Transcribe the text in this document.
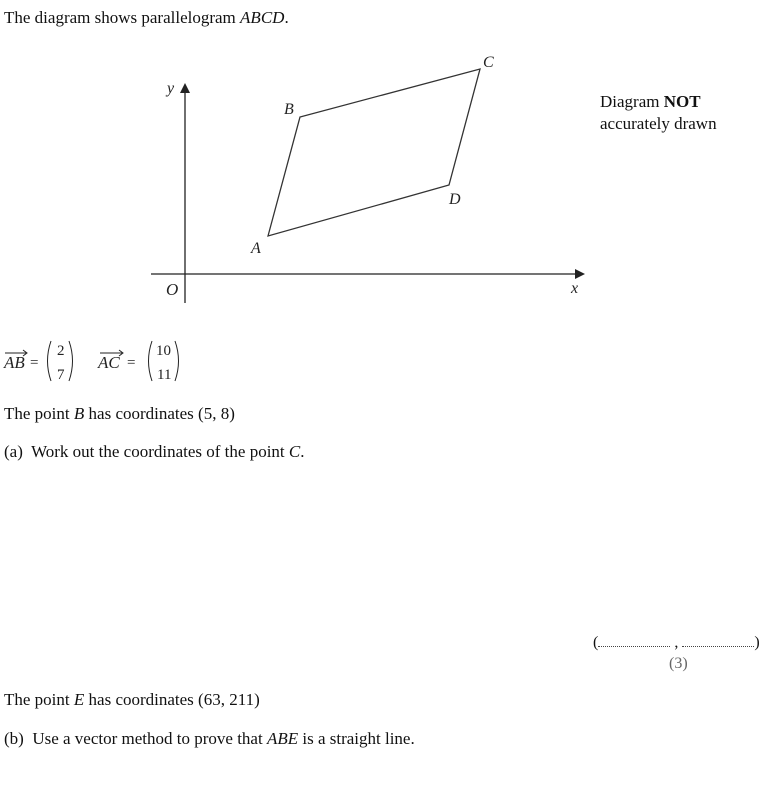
The diagram shows parallelogram ABCD.
y
x
O
A
B
C
D
Diagram NOT
accurately drawn
AB =
2
7
AC =
10
11
The point B has coordinates (5, 8)
(a) Work out the coordinates of the point C.
(	,	)
(3)
The point E has coordinates (63, 211)
(b) Use a vector method to prove that ABE is a straight line.
